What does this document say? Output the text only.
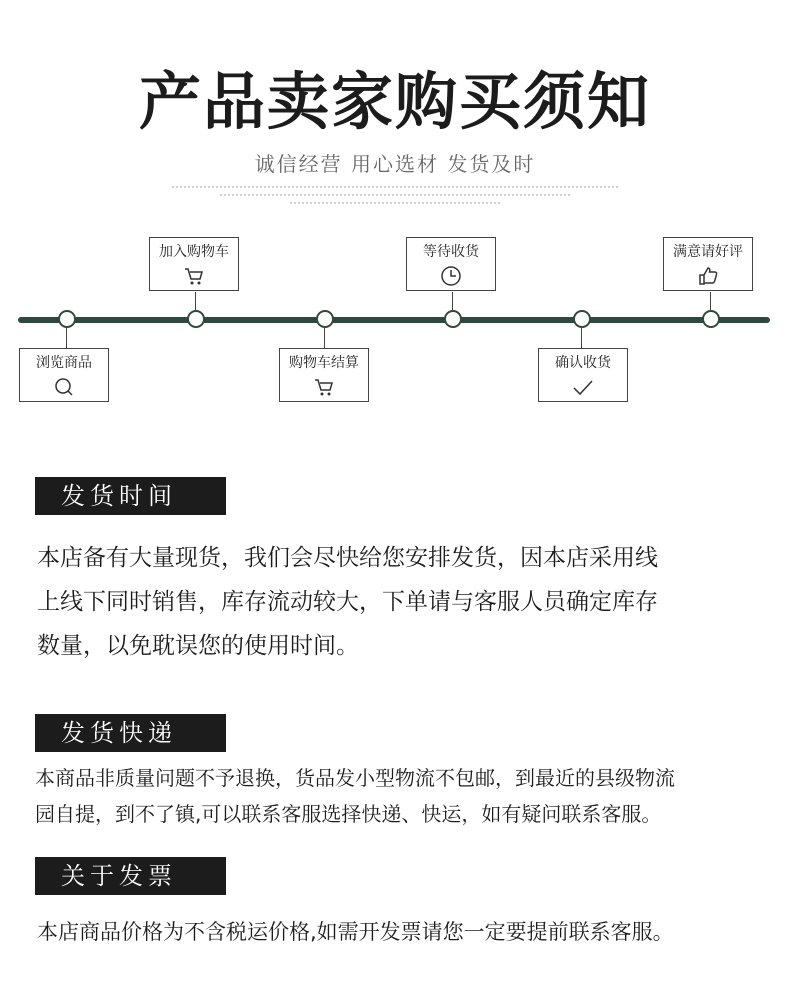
产品卖家购买须知
诚信经营 用心选材 发货及时
加入购物车	等待收货	满意请好评
浏览商品	购物车结算	确认收货
发货时间
本店备有大量现货，我们会尽快给您安排发货，因本店采用线
上线下同时销售，库存流动较大，下单请与客服人员确定库存
数量，以免耽误您的使用时间。
发货快递
本商品非质量问题不予退换，货品发小型物流不包邮，到最近的县级物流
园自提，到不了镇,可以联系客服选择快递、快运，如有疑问联系客服。
关于发票
本店商品价格为不含税运价格,如需开发票请您一定要提前联系客服。
